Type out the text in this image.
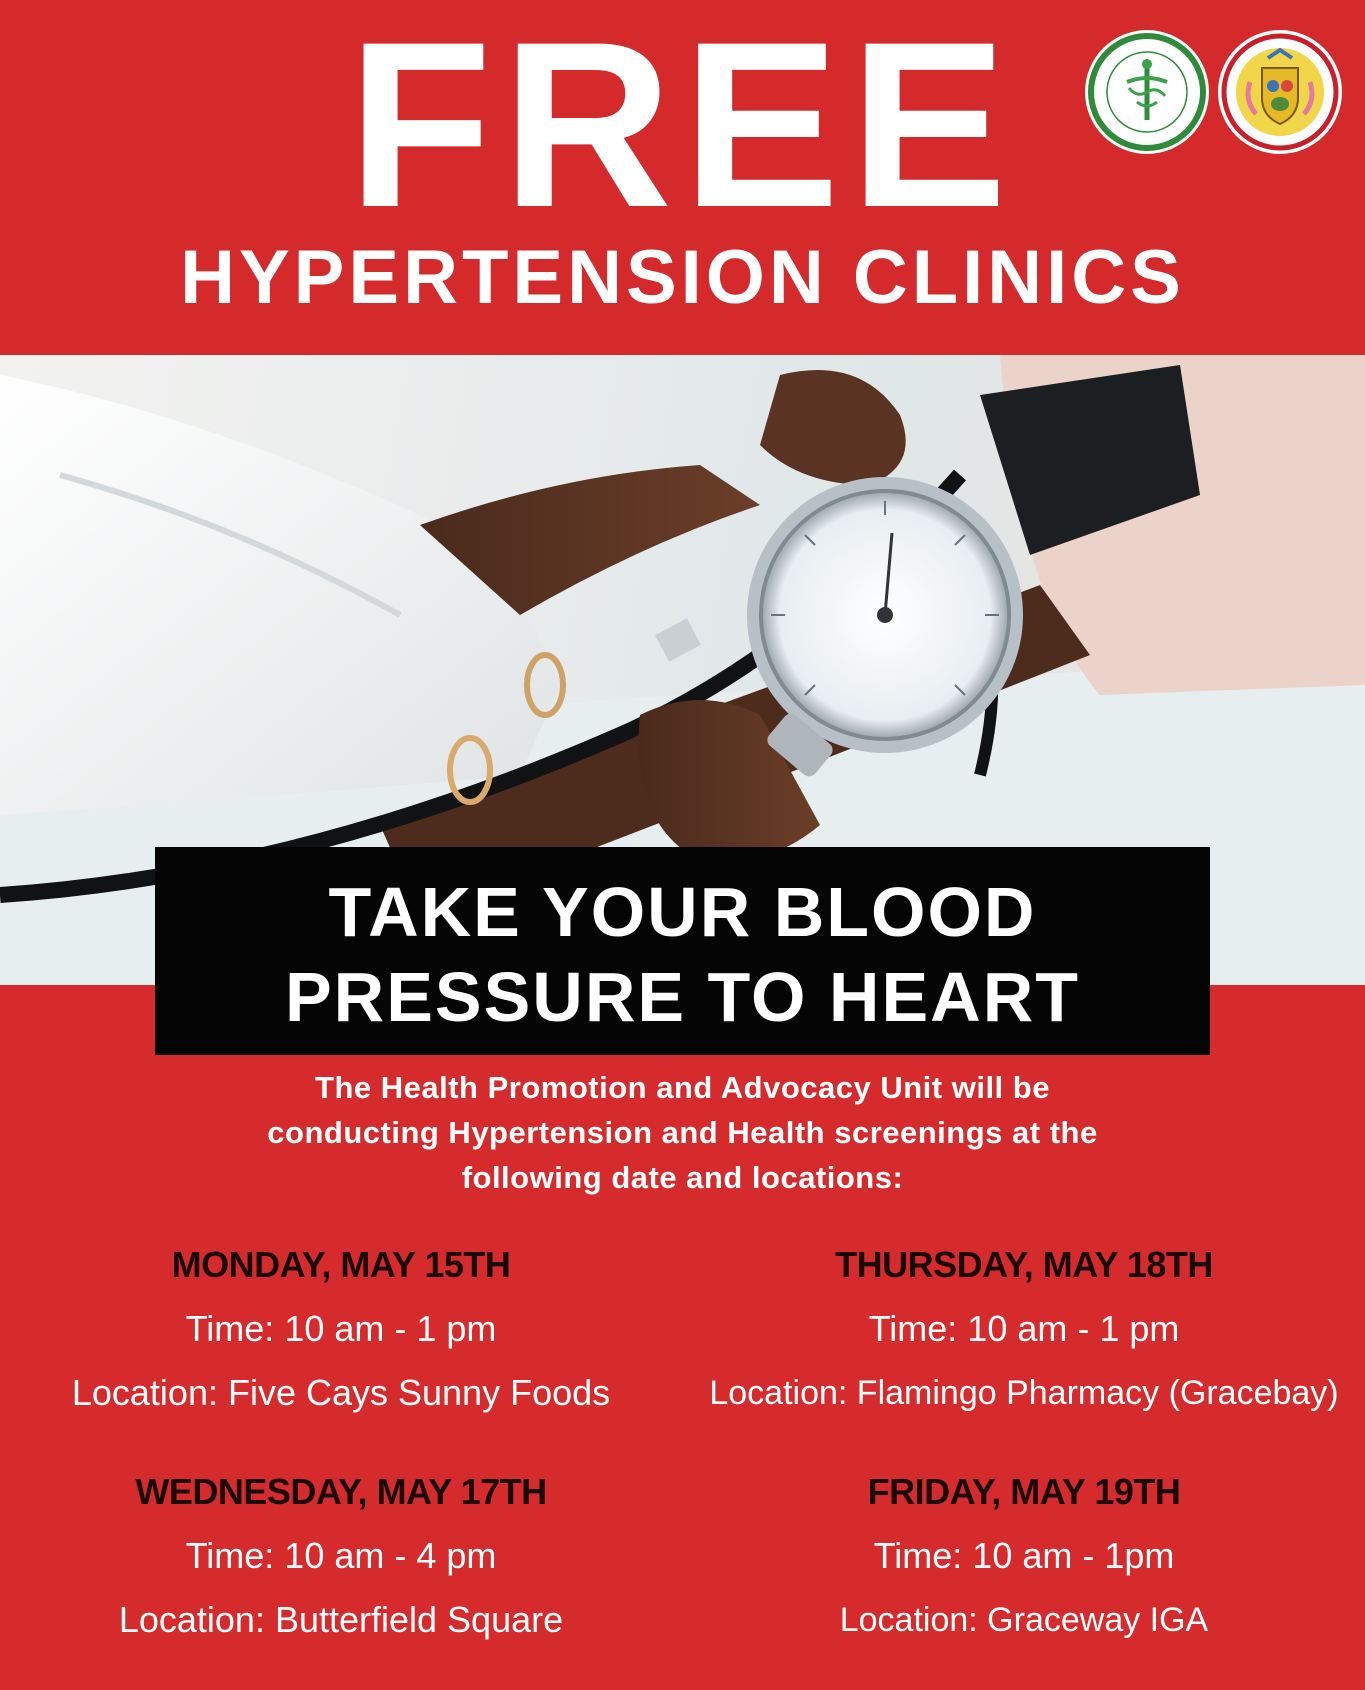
FREE
HYPERTENSION CLINICS
TAKE YOUR BLOOD
PRESSURE TO HEART
The Health Promotion and Advocacy Unit will be
conducting Hypertension and Health screenings at the
following date and locations:
MONDAY, MAY 15TH
Time: 10 am - 1 pm
Location: Five Cays Sunny Foods
THURSDAY, MAY 18TH
Time: 10 am - 1 pm
Location: Flamingo Pharmacy (Gracebay)
WEDNESDAY, MAY 17TH
Time: 10 am - 4 pm
Location: Butterfield Square
FRIDAY, MAY 19TH
Time: 10 am - 1pm
Location: Graceway IGA
